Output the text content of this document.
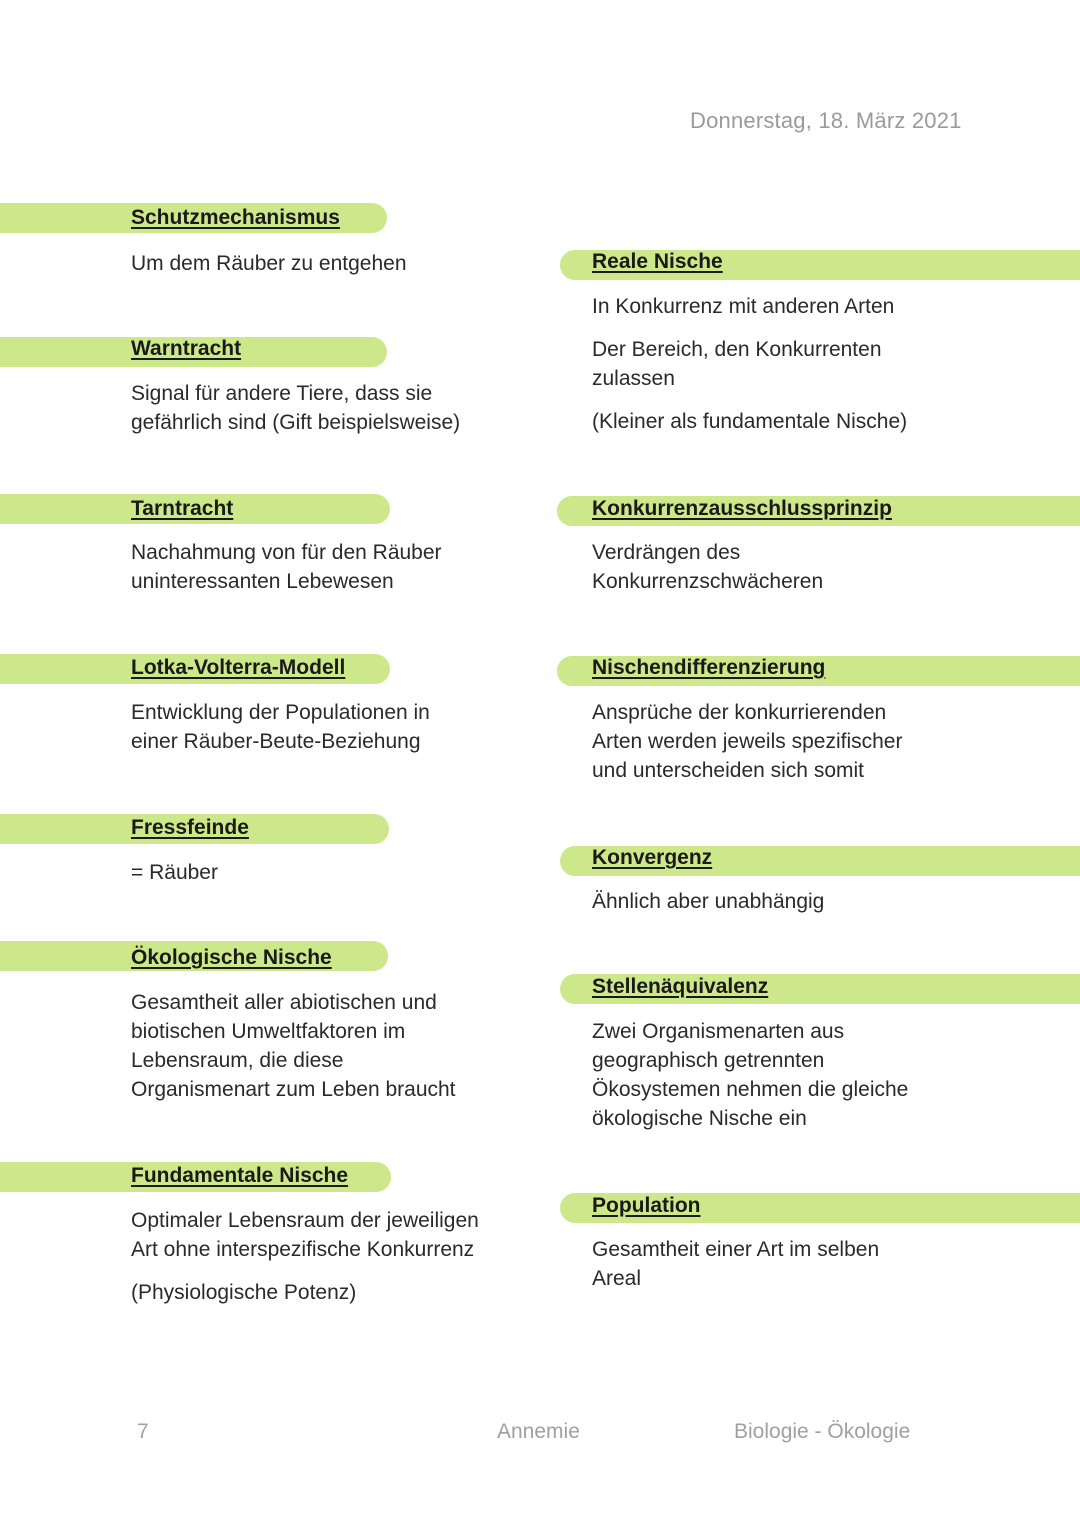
Donnerstag, 18. März 2021
Schutzmechanismus
Um dem Räuber zu entgehen
Warntracht
Signal für andere Tiere, dass sie gefährlich sind (Gift beispielsweise)
Tarntracht
Nachahmung von für den Räuber uninteressanten Lebewesen
Lotka-Volterra-Modell
Entwicklung der Populationen in einer Räuber-Beute-Beziehung
Fressfeinde
= Räuber
Ökologische Nische
Gesamtheit aller abiotischen und biotischen Umweltfaktoren im Lebensraum, die diese Organismenart zum Leben braucht
Fundamentale Nische
Optimaler Lebensraum der jeweiligen Art ohne interspezifische Konkurrenz
(Physiologische Potenz)
Reale Nische
In Konkurrenz mit anderen Arten
Der Bereich, den Konkurrenten zulassen
(Kleiner als fundamentale Nische)
Konkurrenzausschlussprinzip
Verdrängen des Konkurrenzschwächeren
Nischendifferenzierung
Ansprüche der konkurrierenden Arten werden jeweils spezifischer und unterscheiden sich somit
Konvergenz
Ähnlich aber unabhängig
Stellenäquivalenz
Zwei Organismenarten aus geographisch getrennten Ökosystemen nehmen die gleiche ökologische Nische ein
Population
Gesamtheit einer Art im selben Areal
7	Annemie	Biologie - Ökologie
